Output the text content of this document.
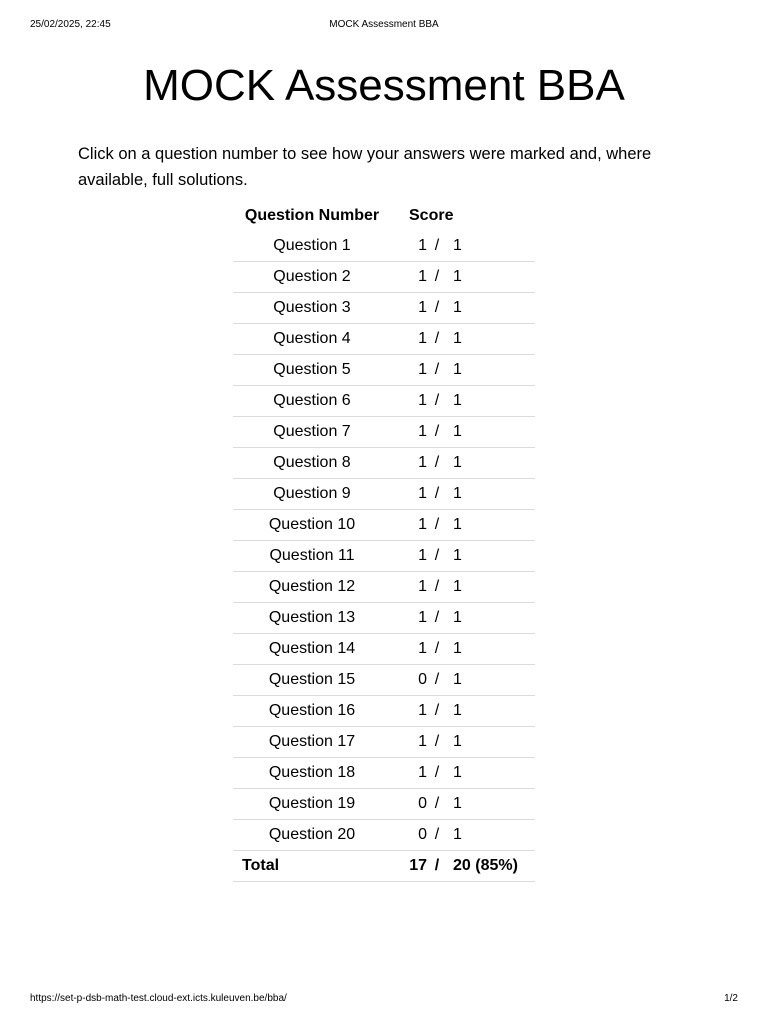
25/02/2025, 22:45	MOCK Assessment BBA
MOCK Assessment BBA

Click on a question number to see how your answers were marked and, where available, full solutions.

Question Number	Score		
Question 1	1	/	1
Question 2	1	/	1
Question 3	1	/	1
Question 4	1	/	1
Question 5	1	/	1
Question 6	1	/	1
Question 7	1	/	1
Question 8	1	/	1
Question 9	1	/	1
Question 10	1	/	1
Question 11	1	/	1
Question 12	1	/	1
Question 13	1	/	1
Question 14	1	/	1
Question 15	0	/	1
Question 16	1	/	1
Question 17	1	/	1
Question 18	1	/	1
Question 19	0	/	1
Question 20	0	/	1
Total	17	/	20 (85%)
https://set-p-dsb-math-test.cloud-ext.icts.kuleuven.be/bba/	1/2
